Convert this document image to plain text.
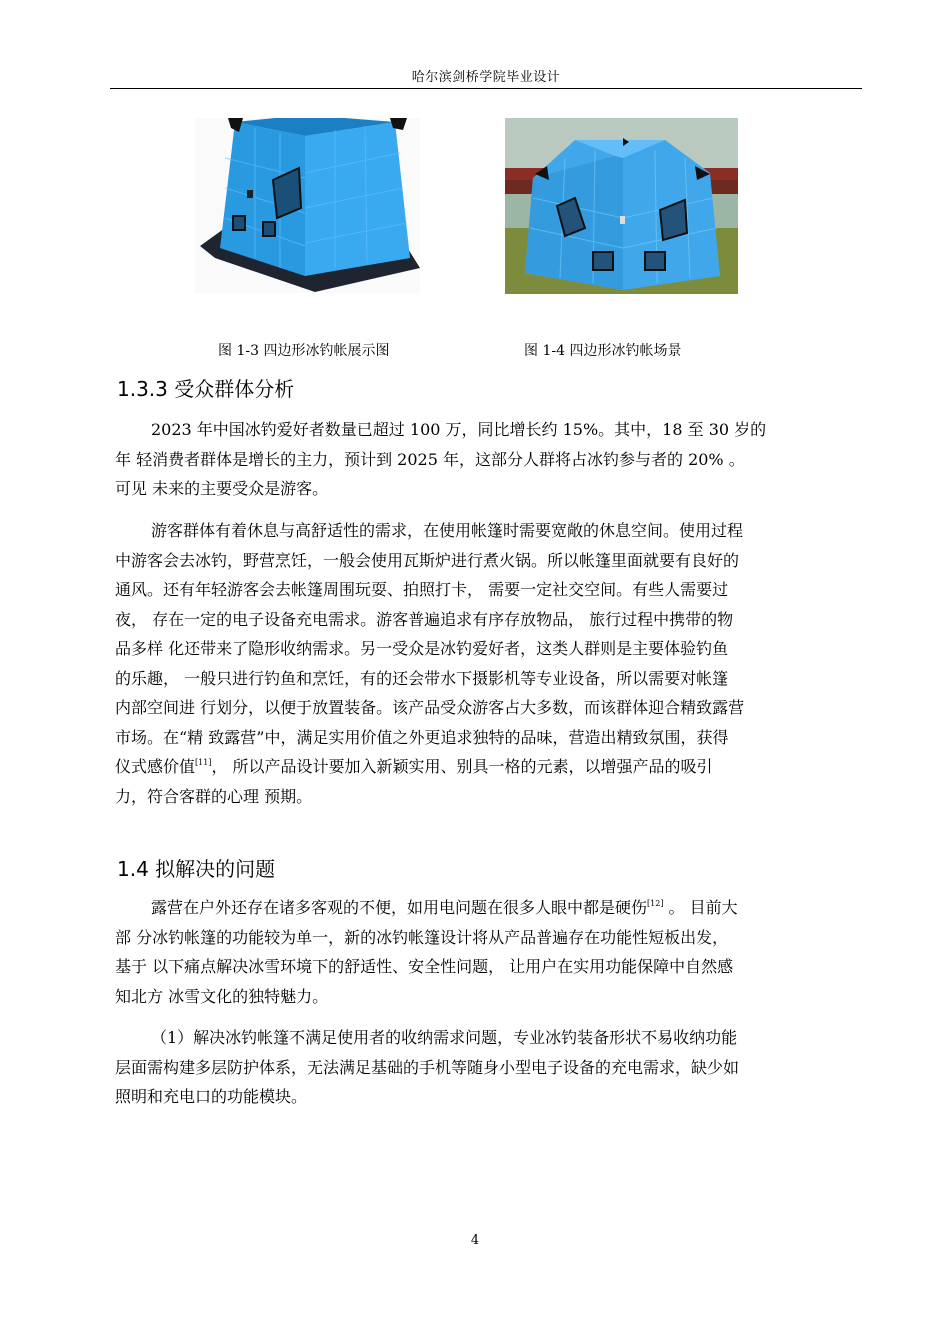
哈尔滨剑桥学院毕业设计
图 1-3 四边形冰钓帐展示图	图 1-4 四边形冰钓帐场景
1.3.3 受众群体分析
2023 年中国冰钓爱好者数量已超过 100 万，同比增长约 15%。其中，18 至 30 岁的
年 轻消费者群体是增长的主力，预计到 2025 年，这部分人群将占冰钓参与者的 20% 。
可见 未来的主要受众是游客。
游客群体有着休息与高舒适性的需求，在使用帐篷时需要宽敞的休息空间。使用过程
中游客会去冰钓，野营烹饪，一般会使用瓦斯炉进行煮火锅。所以帐篷里面就要有良好的
通风。还有年轻游客会去帐篷周围玩耍、拍照打卡， 需要一定社交空间。有些人需要过
夜， 存在一定的电子设备充电需求。游客普遍追求有序存放物品， 旅行过程中携带的物
品多样 化还带来了隐形收纳需求。另一受众是冰钓爱好者，这类人群则是主要体验钓鱼
的乐趣， 一般只进行钓鱼和烹饪，有的还会带水下摄影机等专业设备，所以需要对帐篷
内部空间进 行划分，以便于放置装备。该产品受众游客占大多数，而该群体迎合精致露营
市场。在“精 致露营”中，满足实用价值之外更追求独特的品味，营造出精致氛围，获得
仪式感价值[11]， 所以产品设计要加入新颖实用、别具一格的元素，以增强产品的吸引
力，符合客群的心理 预期。
1.4 拟解决的问题
露营在户外还存在诸多客观的不便，如用电问题在很多人眼中都是硬伤[12] 。 目前大
部 分冰钓帐篷的功能较为单一，新的冰钓帐篷设计将从产品普遍存在功能性短板出发，
基于 以下痛点解决冰雪环境下的舒适性、安全性问题， 让用户在实用功能保障中自然感
知北方 冰雪文化的独特魅力。
（1）解决冰钓帐篷不满足使用者的收纳需求问题，专业冰钓装备形状不易收纳功能
层面需构建多层防护体系，无法满足基础的手机等随身小型电子设备的充电需求，缺少如
照明和充电口的功能模块。
4
